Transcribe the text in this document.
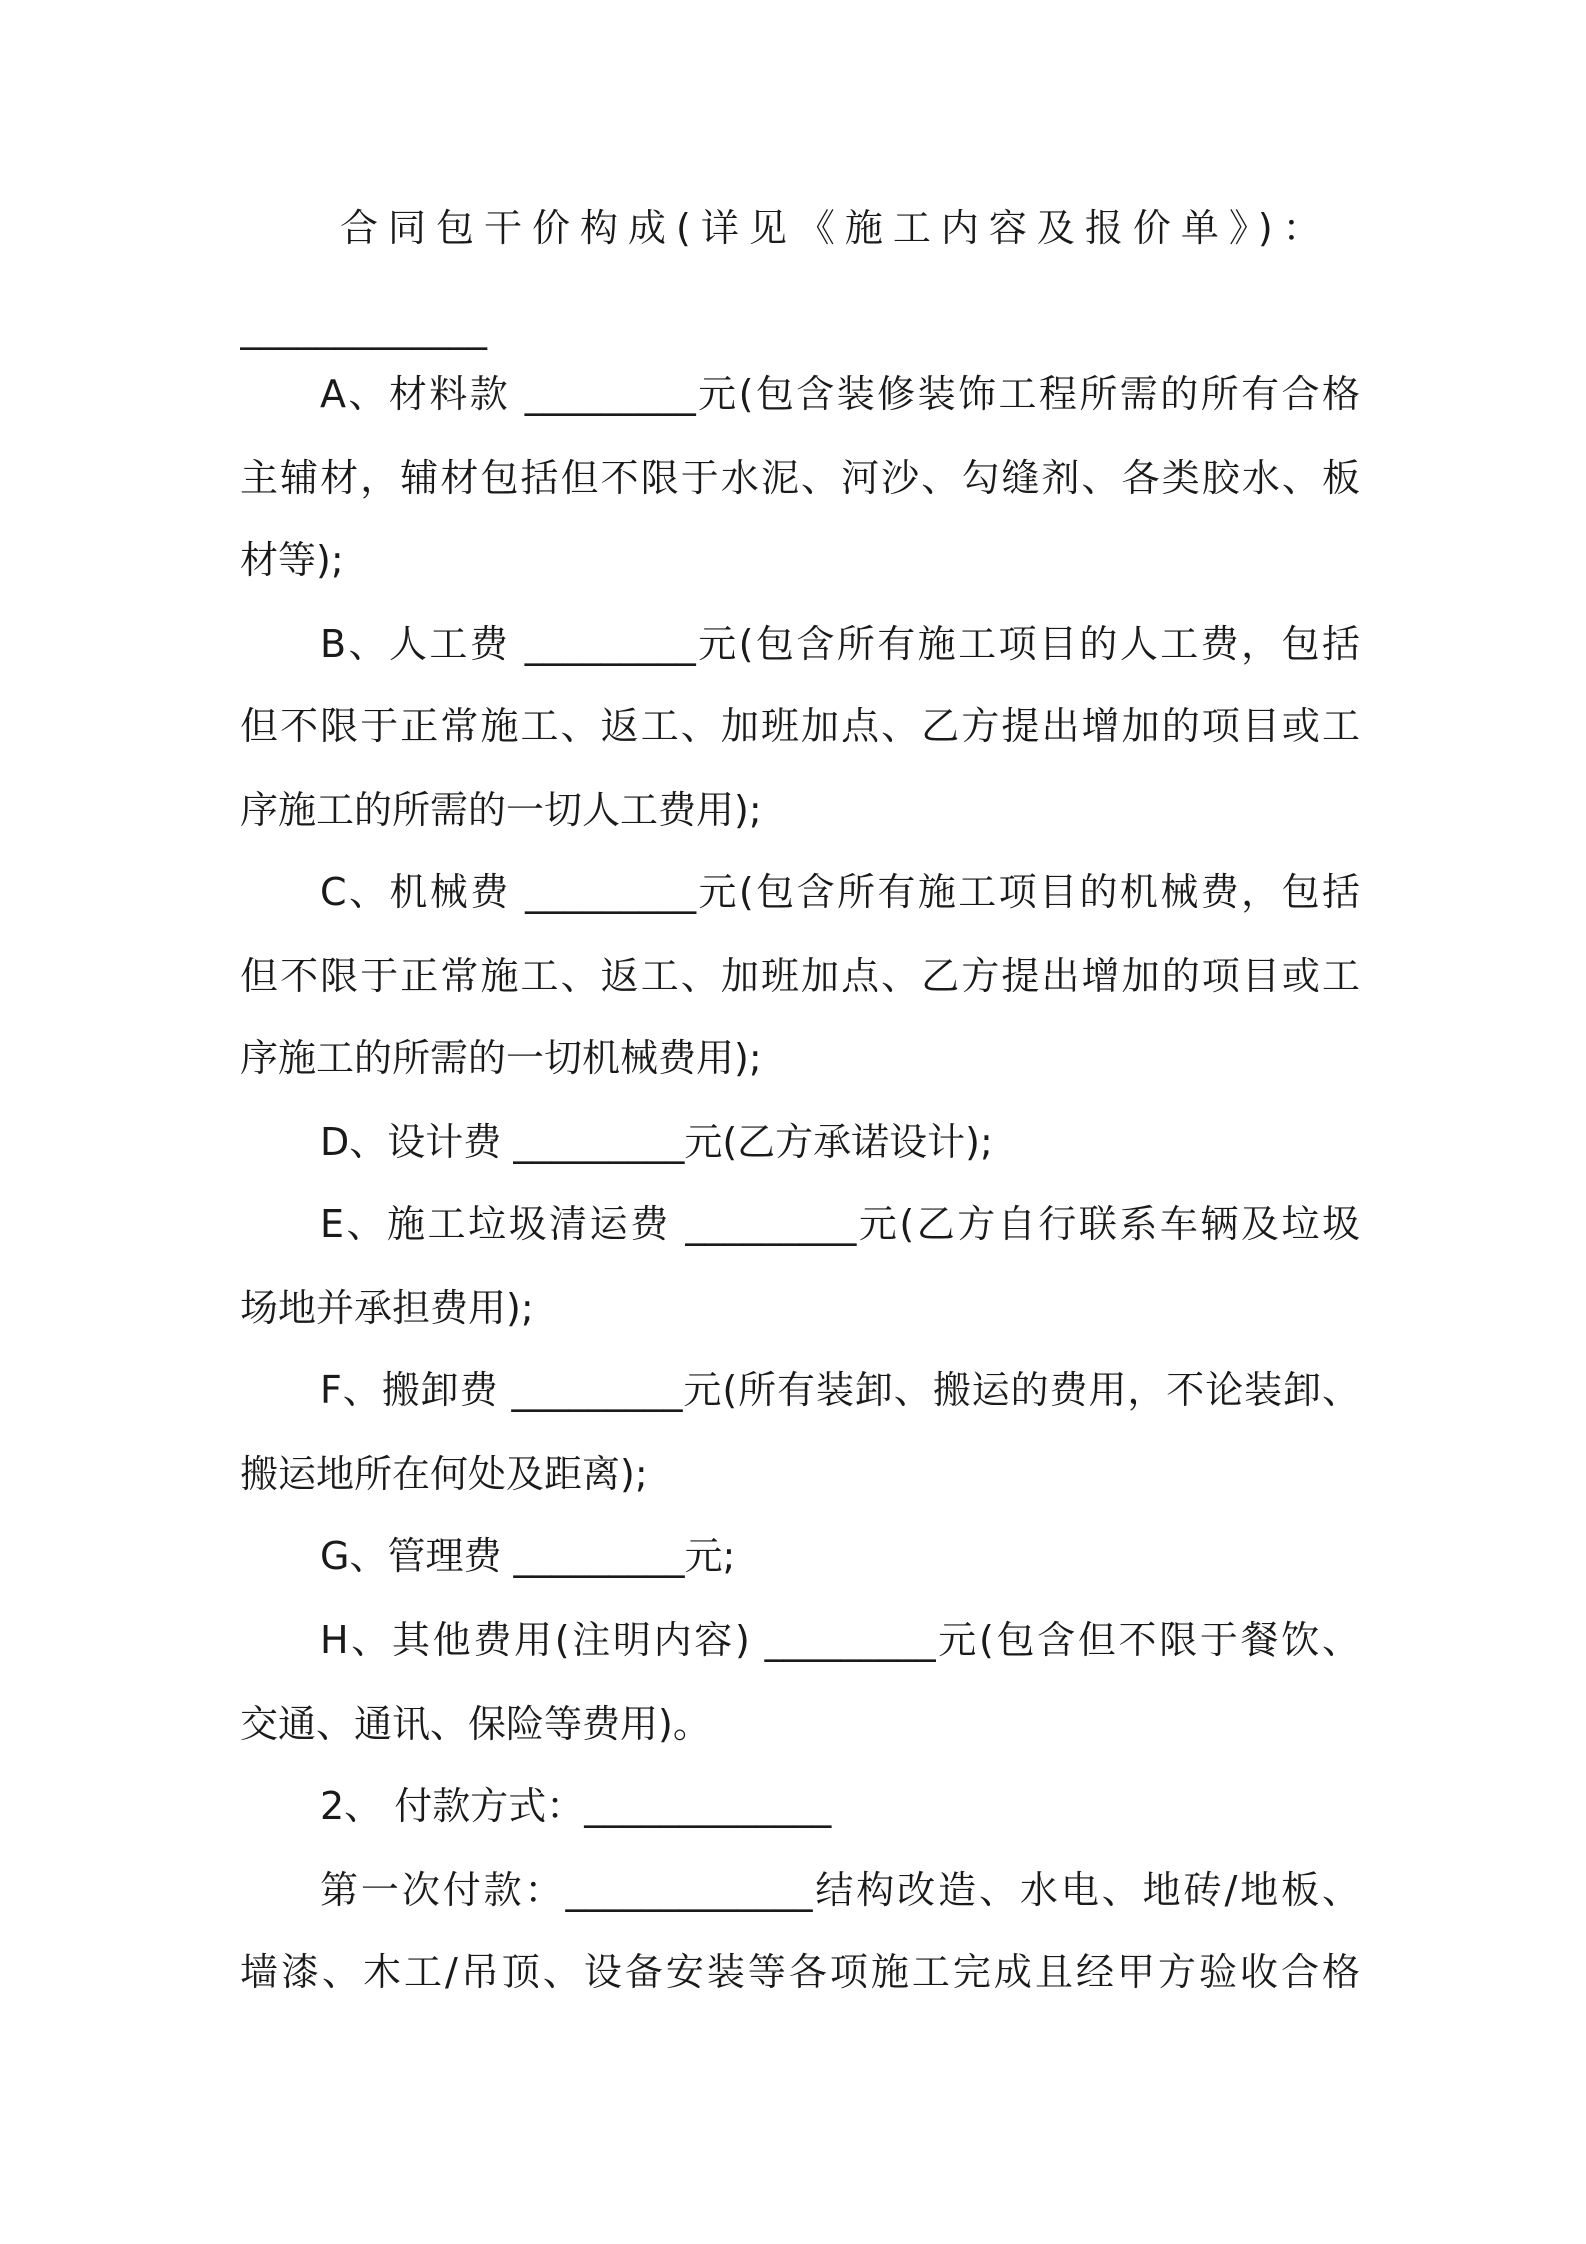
合同包干价构成(详见《施工内容及报价单》)：
_____________
A、材料款 _________元(包含装修装饰工程所需的所有合格
主辅材，辅材包括但不限于水泥、河沙、勾缝剂、各类胶水、板
材等);
B、人工费 _________元(包含所有施工项目的人工费，包括
但不限于正常施工、返工、加班加点、乙方提出增加的项目或工
序施工的所需的一切人工费用);
C、机械费 _________元(包含所有施工项目的机械费，包括
但不限于正常施工、返工、加班加点、乙方提出增加的项目或工
序施工的所需的一切机械费用);
D、设计费 _________元(乙方承诺设计);
E、施工垃圾清运费 _________元(乙方自行联系车辆及垃圾
场地并承担费用);
F、搬卸费 _________元(所有装卸、搬运的费用，不论装卸、
搬运地所在何处及距离);
G、管理费 _________元;
H、其他费用(注明内容) _________元(包含但不限于餐饮、
交通、通讯、保险等费用)。
2、 付款方式：_____________
第一次付款：_____________结构改造、水电、地砖/地板、
墙漆、木工/吊顶、设备安装等各项施工完成且经甲方验收合格
